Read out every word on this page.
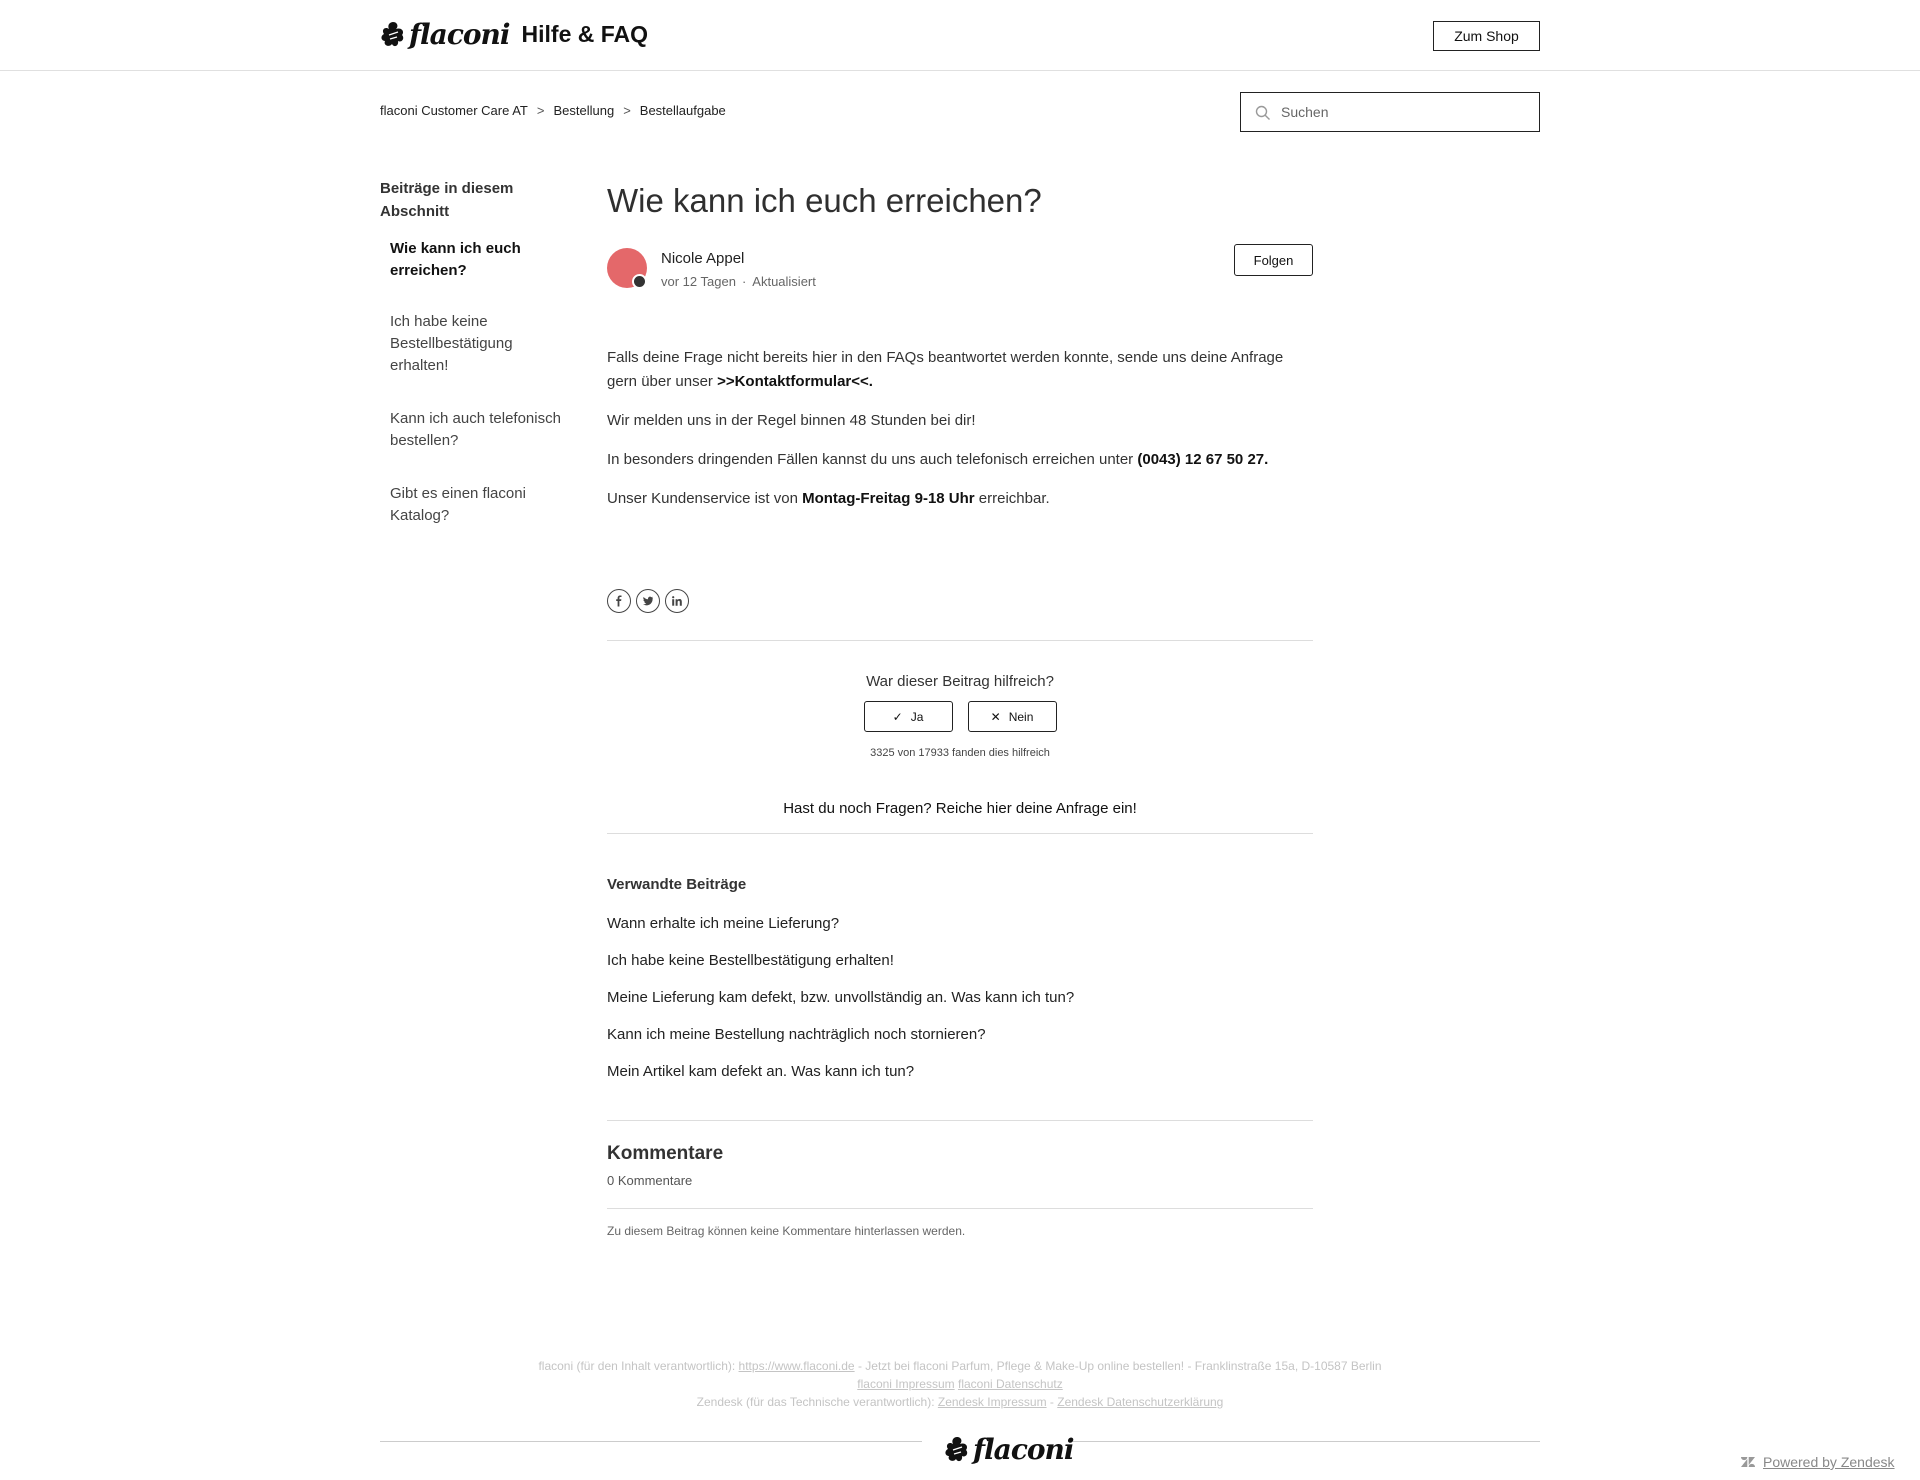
flaconi Hilfe & FAQ	Zum Shop
flaconi Customer Care AT > Bestellung > Bestellaufgabe
Suchen
Beiträge in diesem Abschnitt
Wie kann ich euch erreichen?
Ich habe keine Bestellbestätigung erhalten!
Kann ich auch telefonisch bestellen?
Gibt es einen flaconi Katalog?
Wie kann ich euch erreichen?
Nicole Appel
vor 12 Tagen · Aktualisiert
Folgen

Falls deine Frage nicht bereits hier in den FAQs beantwortet werden konnte, sende uns deine Anfrage gern über unser >>Kontaktformular<<.

Wir melden uns in der Regel binnen 48 Stunden bei dir!

In besonders dringenden Fällen kannst du uns auch telefonisch erreichen unter (0043) 12 67 50 27.

Unser Kundenservice ist von Montag-Freitag 9-18 Uhr erreichbar.

War dieser Beitrag hilfreich?
✓ Ja	✕ Nein
3325 von 17933 fanden dies hilfreich
Hast du noch Fragen? Reiche hier deine Anfrage ein!
Verwandte Beiträge
Wann erhalte ich meine Lieferung?
Ich habe keine Bestellbestätigung erhalten!
Meine Lieferung kam defekt, bzw. unvollständig an. Was kann ich tun?
Kann ich meine Bestellung nachträglich noch stornieren?
Mein Artikel kam defekt an. Was kann ich tun?
Kommentare
0 Kommentare
Zu diesem Beitrag können keine Kommentare hinterlassen werden.
flaconi (für den Inhalt verantwortlich): https://www.flaconi.de - Jetzt bei flaconi Parfum, Pflege & Make-Up online bestellen! - Franklinstraße 15a, D-10587 Berlin
flaconi Impressum flaconi Datenschutz
Zendesk (für das Technische verantwortlich): Zendesk Impressum - Zendesk Datenschutzerklärung
flaconi	Powered by Zendesk
